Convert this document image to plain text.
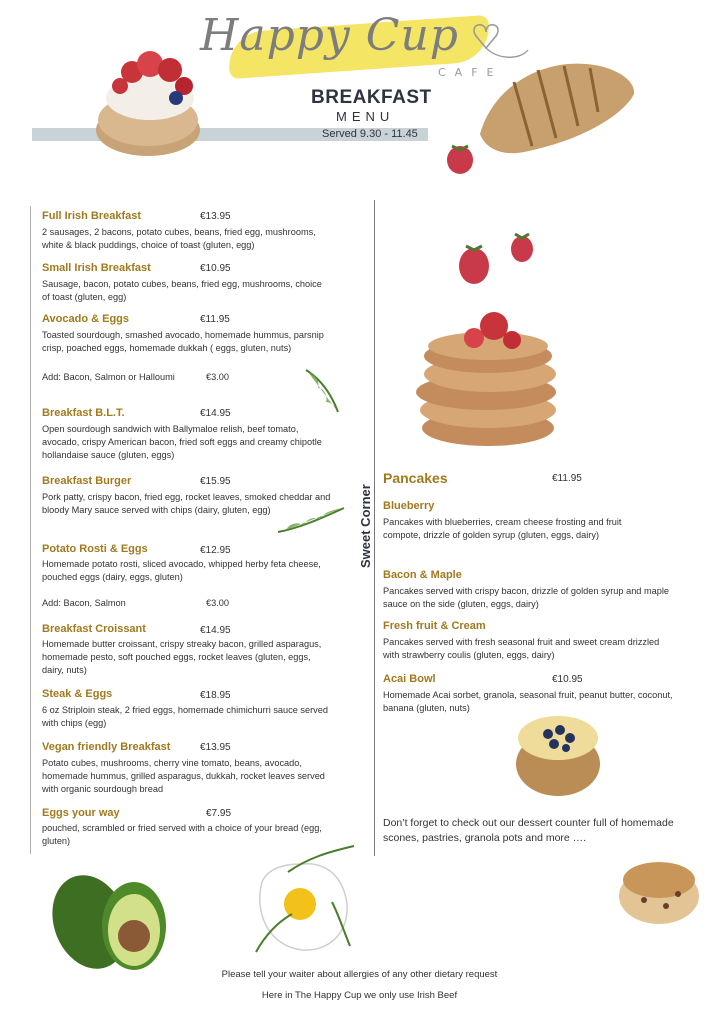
Happy Cup
CAFE
BREAKFAST
MENU
Served 9.30 - 11.45
Full Irish Breakfast	€13.95
2 sausages, 2 bacons, potato cubes, beans, fried egg, mushrooms, white & black puddings, choice of toast (gluten, egg)
Small Irish Breakfast	€10.95
Sausage, bacon, potato cubes, beans, fried egg, mushrooms, choice of toast (gluten, egg)
Avocado & Eggs	€11.95
Toasted sourdough, smashed avocado, homemade hummus, parsnip crisp, poached eggs, homemade dukkah ( eggs, gluten, nuts)
Add: Bacon, Salmon or Halloumi	€3.00
Breakfast B.L.T.	€14.95
Open sourdough sandwich with Ballymaloe relish, beef tomato, avocado, crispy American bacon, fried soft eggs and creamy chipotle hollandaise sauce (gluten, eggs)
Breakfast Burger	€15.95
Pork patty, crispy bacon, fried egg, rocket leaves, smoked cheddar and bloody Mary sauce served with chips (dairy, gluten, egg)
Potato Rosti & Eggs	€12.95
Homemade potato rosti, sliced avocado, whipped herby feta cheese, pouched eggs (dairy, eggs, gluten)
Add: Bacon, Salmon	€3.00
Breakfast Croissant	€14.95
Homemade butter croissant, crispy streaky bacon, grilled asparagus, homemade pesto, soft pouched eggs, rocket leaves (gluten, eggs, dairy, nuts)
Steak & Eggs	€18.95
6 oz Striploin steak, 2 fried eggs, homemade chimichurri sauce served with chips (egg)
Vegan friendly Breakfast	€13.95
Potato cubes, mushrooms, cherry vine tomato, beans, avocado, homemade hummus, grilled asparagus, dukkah, rocket leaves served with organic sourdough bread
Eggs your way	€7.95
pouched, scrambled or fried served with a choice of your bread (egg, gluten)
Sweet Corner
Pancakes	€11.95
Blueberry
Pancakes with blueberries, cream cheese frosting and fruit compote, drizzle of golden syrup (gluten, eggs, dairy)
Bacon & Maple
Pancakes served with crispy bacon, drizzle of golden syrup and maple sauce on the side (gluten, eggs, dairy)
Fresh fruit & Cream
Pancakes served with fresh seasonal fruit and sweet cream drizzled with strawberry coulis (gluten, eggs, dairy)
Acai Bowl	€10.95
Homemade Acai sorbet, granola, seasonal fruit, peanut butter, coconut, banana (gluten, nuts)
Don’t forget to check out our dessert counter full of homemade scones, pastries, granola pots and more ….
Please tell your waiter about allergies of any other dietary request
Here in The Happy Cup we only use Irish Beef
